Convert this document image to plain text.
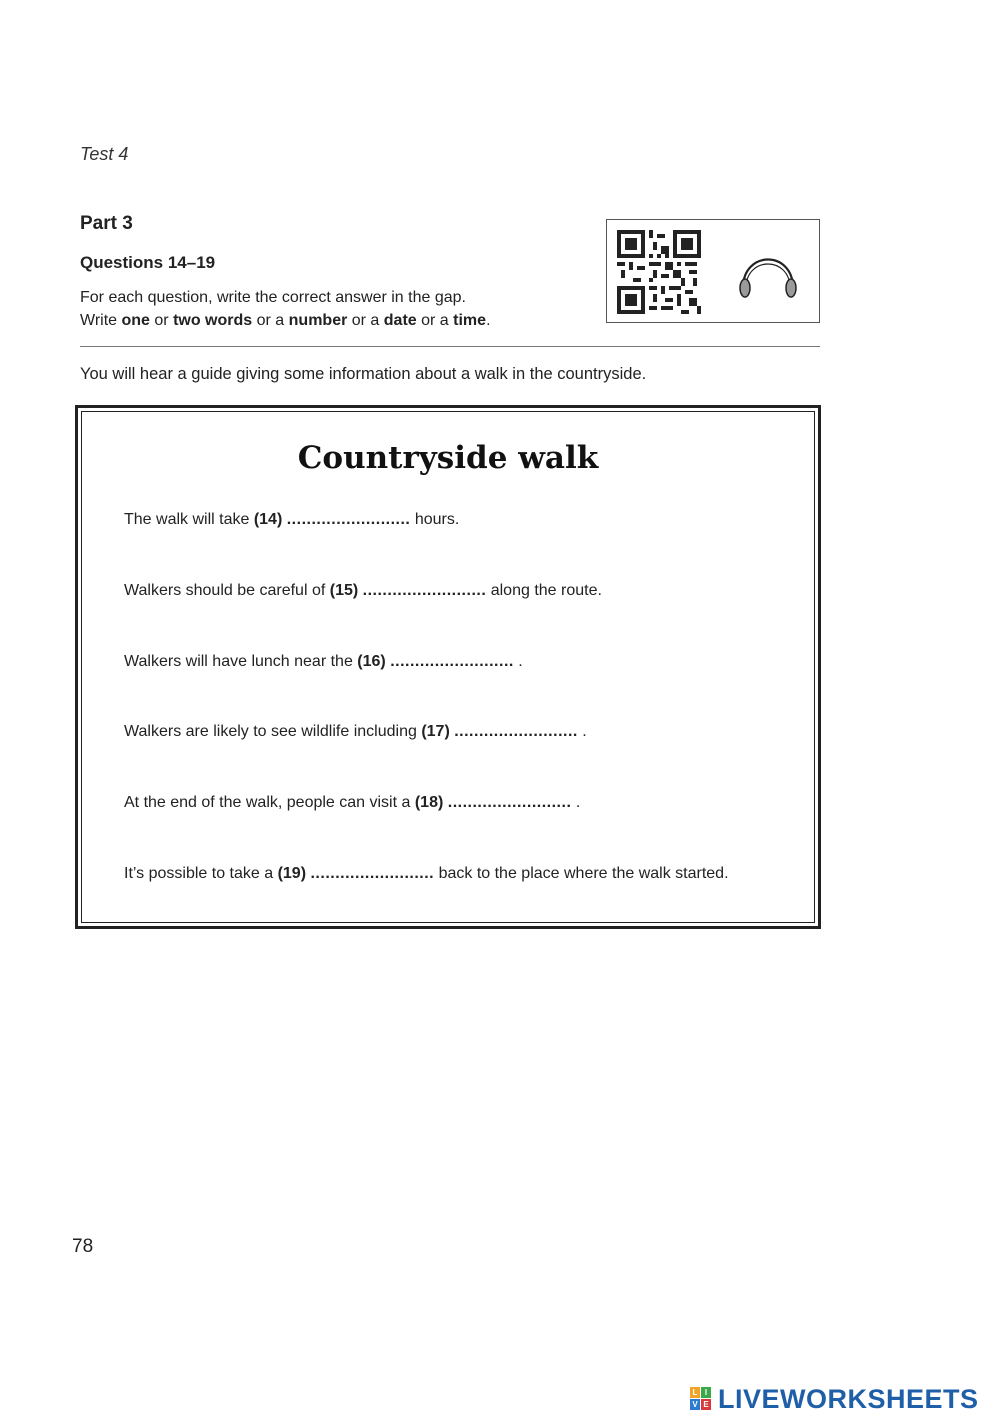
Test 4
Part 3
Questions 14–19
For each question, write the correct answer in the gap.
Write one or two words or a number or a date or a time.
You will hear a guide giving some information about a walk in the countryside.
Countryside walk
The walk will take (14) ......................... hours.
Walkers should be careful of (15) ......................... along the route.
Walkers will have lunch near the (16) ......................... .
Walkers are likely to see wildlife including (17) ......................... .
At the end of the walk, people can visit a (18) ......................... .
It’s possible to take a (19) ......................... back to the place where the walk started.
78
L I
V E LIVEWORKSHEETS
